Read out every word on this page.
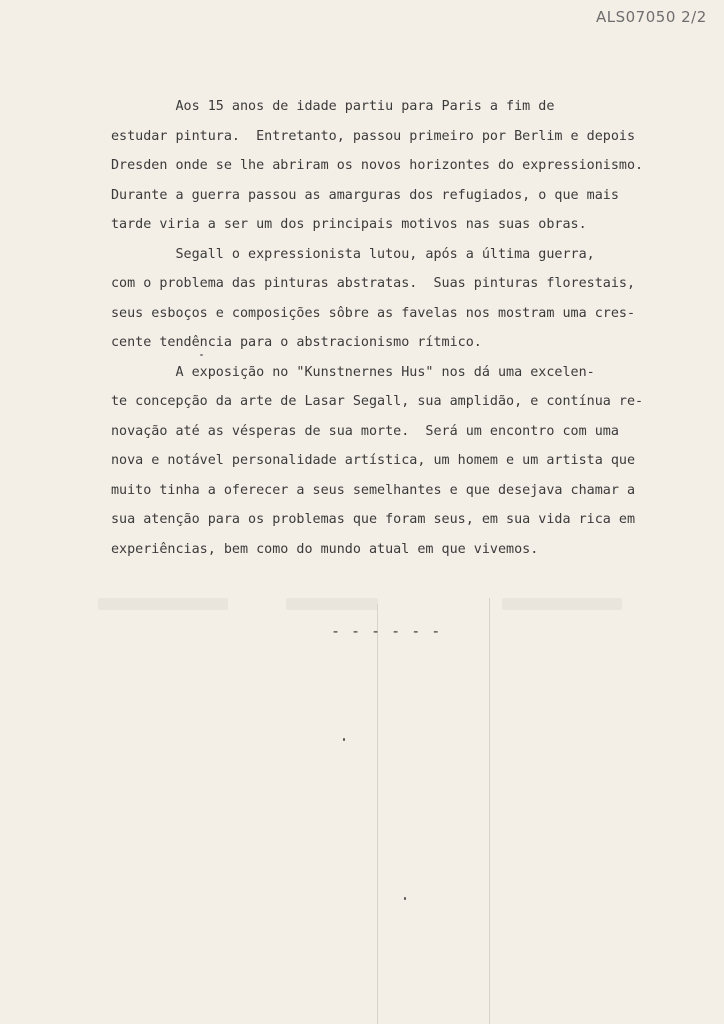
ALS07050 2/2
Aos 15 anos de idade partiu para Paris a fim de
estudar pintura.  Entretanto, passou primeiro por Berlim e depois
Dresden onde se lhe abriram os novos horizontes do expressionismo.
Durante a guerra passou as amarguras dos refugiados, o que mais
tarde viria a ser um dos principais motivos nas suas obras.
Segall o expressionista lutou, após a última guerra,
com o problema das pinturas abstratas.  Suas pinturas florestais,
seus esboços e composições sôbre as favelas nos mostram uma cres-
cente tendência para o abstracionismo rítmico.
A exposição no "Kunstnernes Hus" nos dá uma excelen-
te concepção da arte de Lasar Segall, sua amplidão, e contínua re-
novação até as vésperas de sua morte.  Será um encontro com uma
nova e notável personalidade artística, um homem e um artista que
muito tinha a oferecer a seus semelhantes e que desejava chamar a
sua atenção para os problemas que foram seus, em sua vida rica em
experiências, bem como do mundo atual em que vivemos.
- - - - - -
